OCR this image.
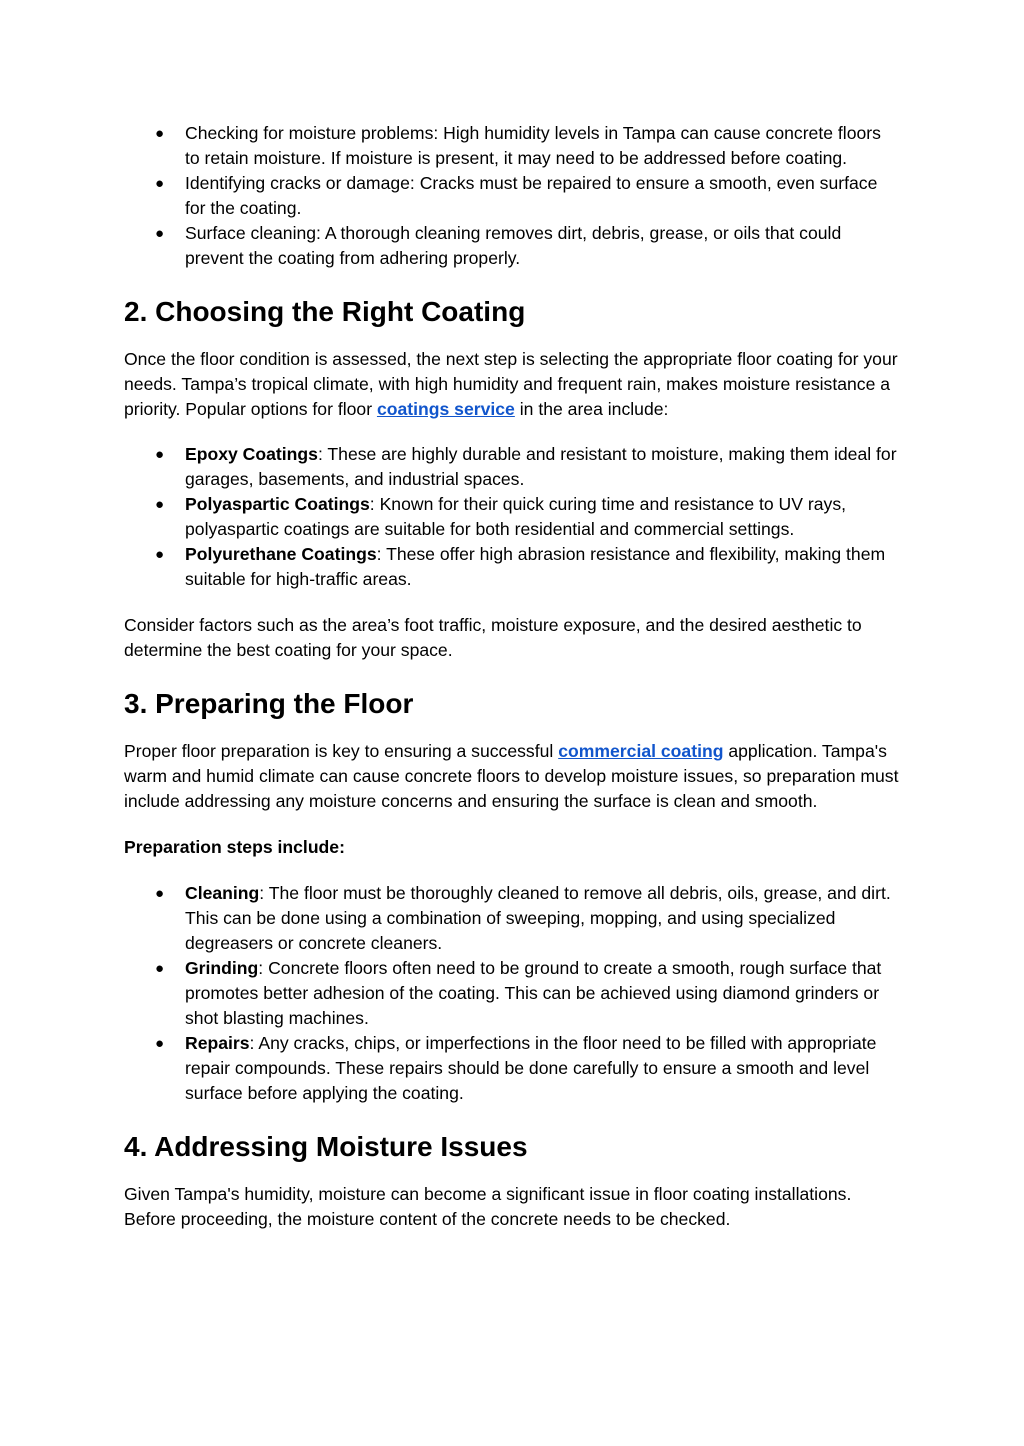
● Checking for moisture problems: High humidity levels in Tampa can cause concrete floors to retain moisture. If moisture is present, it may need to be addressed before coating.
● Identifying cracks or damage: Cracks must be repaired to ensure a smooth, even surface for the coating.
● Surface cleaning: A thorough cleaning removes dirt, debris, grease, or oils that could prevent the coating from adhering properly.
2. Choosing the Right Coating

Once the floor condition is assessed, the next step is selecting the appropriate floor coating for your needs. Tampa’s tropical climate, with high humidity and frequent rain, makes moisture resistance a priority. Popular options for floor coatings service in the area include:

● Epoxy Coatings: These are highly durable and resistant to moisture, making them ideal for garages, basements, and industrial spaces.
● Polyaspartic Coatings: Known for their quick curing time and resistance to UV rays, polyaspartic coatings are suitable for both residential and commercial settings.
● Polyurethane Coatings: These offer high abrasion resistance and flexibility, making them suitable for high-traffic areas.

Consider factors such as the area’s foot traffic, moisture exposure, and the desired aesthetic to determine the best coating for your space.

3. Preparing the Floor

Proper floor preparation is key to ensuring a successful commercial coating application. Tampa's warm and humid climate can cause concrete floors to develop moisture issues, so preparation must include addressing any moisture concerns and ensuring the surface is clean and smooth.

Preparation steps include:

● Cleaning: The floor must be thoroughly cleaned to remove all debris, oils, grease, and dirt. This can be done using a combination of sweeping, mopping, and using specialized degreasers or concrete cleaners.
● Grinding: Concrete floors often need to be ground to create a smooth, rough surface that promotes better adhesion of the coating. This can be achieved using diamond grinders or shot blasting machines.
● Repairs: Any cracks, chips, or imperfections in the floor need to be filled with appropriate repair compounds. These repairs should be done carefully to ensure a smooth and level surface before applying the coating.
4. Addressing Moisture Issues

Given Tampa's humidity, moisture can become a significant issue in floor coating installations. Before proceeding, the moisture content of the concrete needs to be checked.
